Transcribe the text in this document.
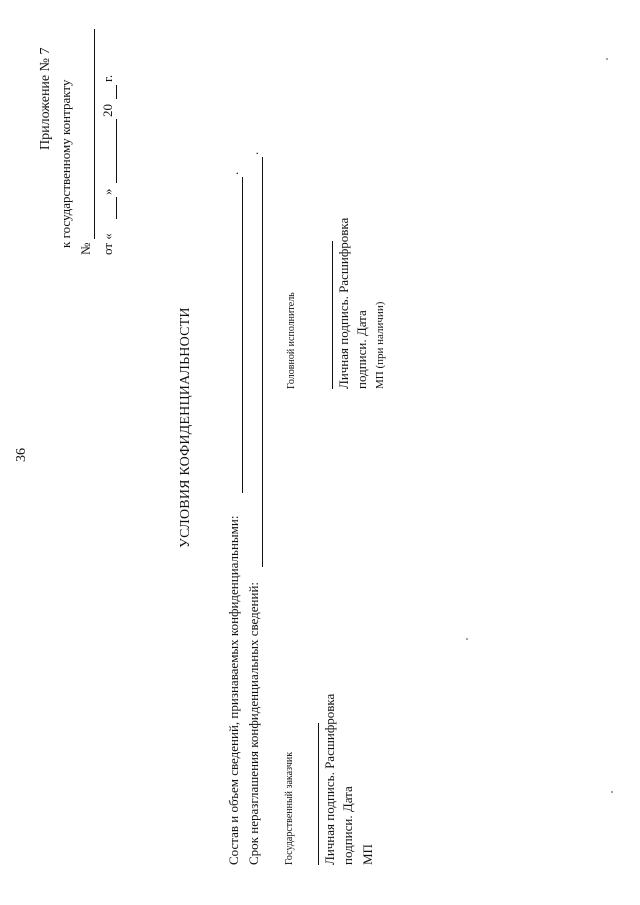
36
Приложение № 7 к государственному контракту
№ от «
»
20
г.
УСЛОВИЯ КОФИДЕНЦИАЛЬНОСТИ
Состав и объем сведений, признаваемых конфиденциальными:
.
Срок неразглашения конфиденциальных сведений:
.
Государственный заказчик Личная подпись. Расшифровка подписи. Дата МП
Головной исполнитель	Личная подпись. Расшифровка подписи. Дата МП (при наличии)
